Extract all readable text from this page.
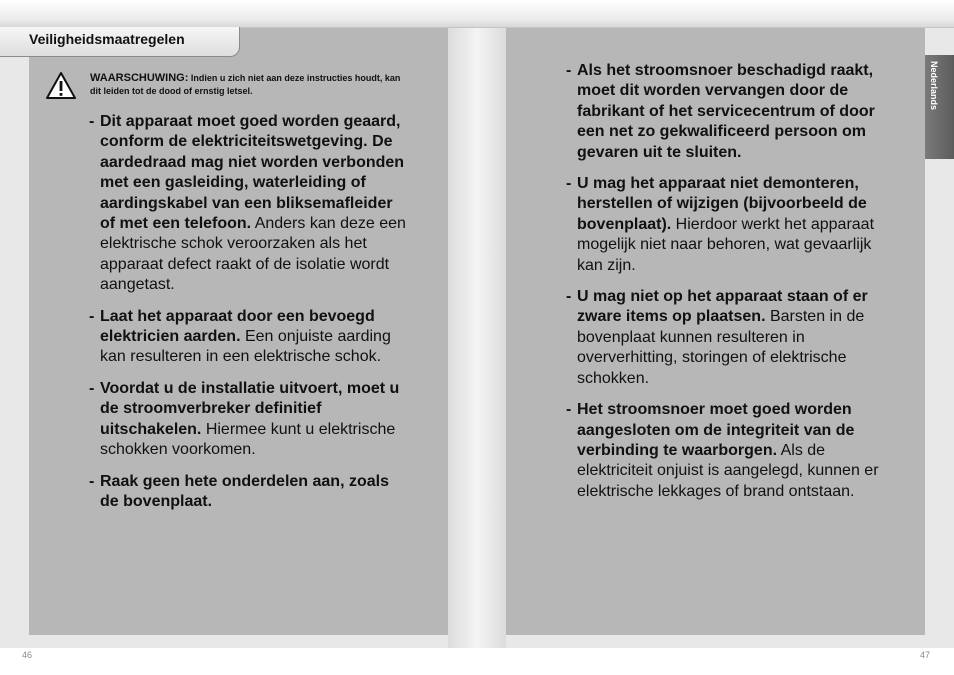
Veiligheidsmaatregelen
Nederlands
WAARSCHUWING: Indien u zich niet aan deze instructies houdt, kan dit leiden tot de dood of ernstig letsel.
- Dit apparaat moet goed worden geaard, conform de elektriciteitswetgeving. De aardedraad mag niet worden verbonden met een gasleiding, waterleiding of aardingskabel van een bliksemafleider of met een telefoon. Anders kan deze een elektrische schok veroorzaken als het apparaat defect raakt of de isolatie wordt aangetast.
- Laat het apparaat door een bevoegd elektricien aarden. Een onjuiste aarding kan resulteren in een elektrische schok.
- Voordat u de installatie uitvoert, moet u de stroomverbreker definitief uitschakelen. Hiermee kunt u elektrische schokken voorkomen.
- Raak geen hete onderdelen aan, zoals de bovenplaat.
- Als het stroomsnoer beschadigd raakt, moet dit worden vervangen door de fabrikant of het servicecentrum of door een net zo gekwalificeerd persoon om gevaren uit te sluiten.
- U mag het apparaat niet demonteren, herstellen of wijzigen (bijvoorbeeld de bovenplaat). Hierdoor werkt het apparaat mogelijk niet naar behoren, wat gevaarlijk kan zijn.
- U mag niet op het apparaat staan of er zware items op plaatsen. Barsten in de bovenplaat kunnen resulteren in oververhitting, storingen of elektrische schokken.
- Het stroomsnoer moet goed worden aangesloten om de integriteit van de verbinding te waarborgen. Als de elektriciteit onjuist is aangelegd, kunnen er elektrische lekkages of brand ontstaan.
46	47
